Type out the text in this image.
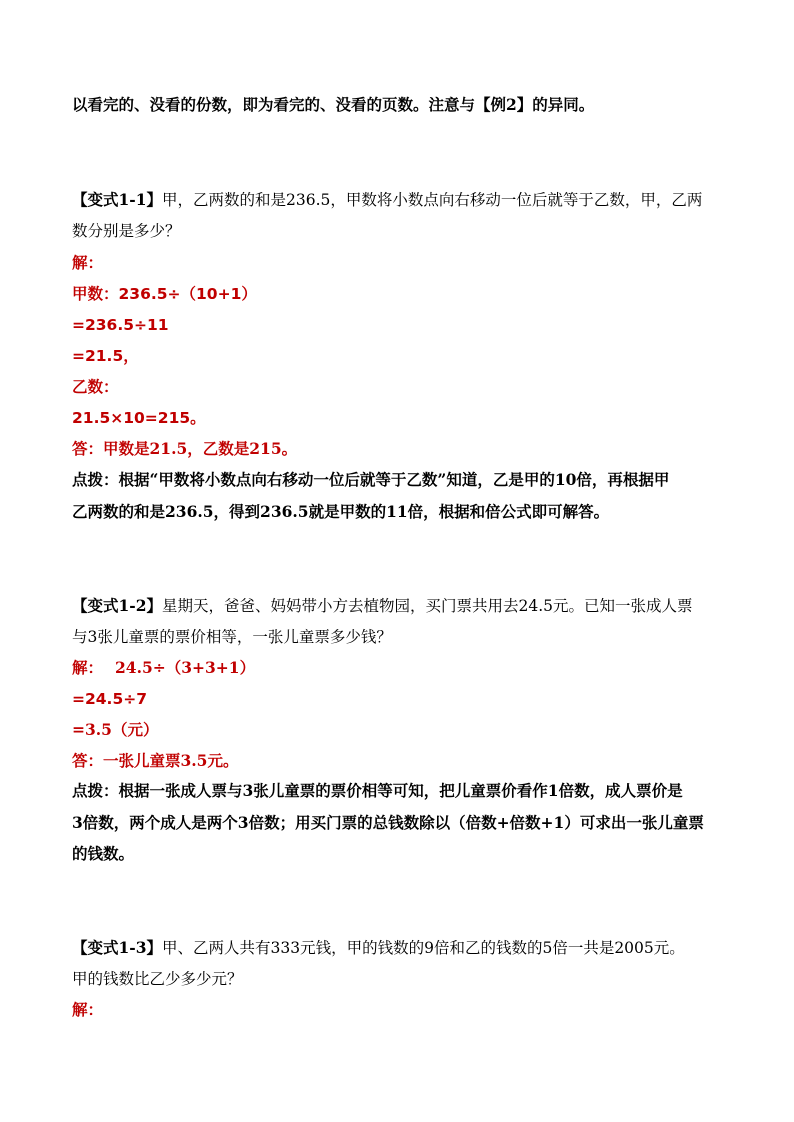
以看完的、没看的份数，即为看完的、没看的页数。注意与【例2】的异同。
【变式1-1】甲，乙两数的和是236.5，甲数将小数点向右移动一位后就等于乙数，甲，乙两
数分别是多少？
解：
甲数：236.5÷（10+1）
=236.5÷11
=21.5，
乙数：
21.5×10=215。
答：甲数是21.5，乙数是215。
点拨：根据“甲数将小数点向右移动一位后就等于乙数”知道，乙是甲的10倍，再根据甲
乙两数的和是236.5，得到236.5就是甲数的11倍，根据和倍公式即可解答。
【变式1-2】星期天，爸爸、妈妈带小方去植物园，买门票共用去24.5元。已知一张成人票
与3张儿童票的票价相等，一张儿童票多少钱？
解： 24.5÷（3+3+1）
=24.5÷7
=3.5（元）
答：一张儿童票3.5元。
点拨：根据一张成人票与3张儿童票的票价相等可知，把儿童票价看作1倍数，成人票价是
3倍数，两个成人是两个3倍数；用买门票的总钱数除以（倍数+倍数+1）可求出一张儿童票
的钱数。
【变式1-3】甲、乙两人共有333元钱，甲的钱数的9倍和乙的钱数的5倍一共是2005元。
甲的钱数比乙少多少元？
解：
